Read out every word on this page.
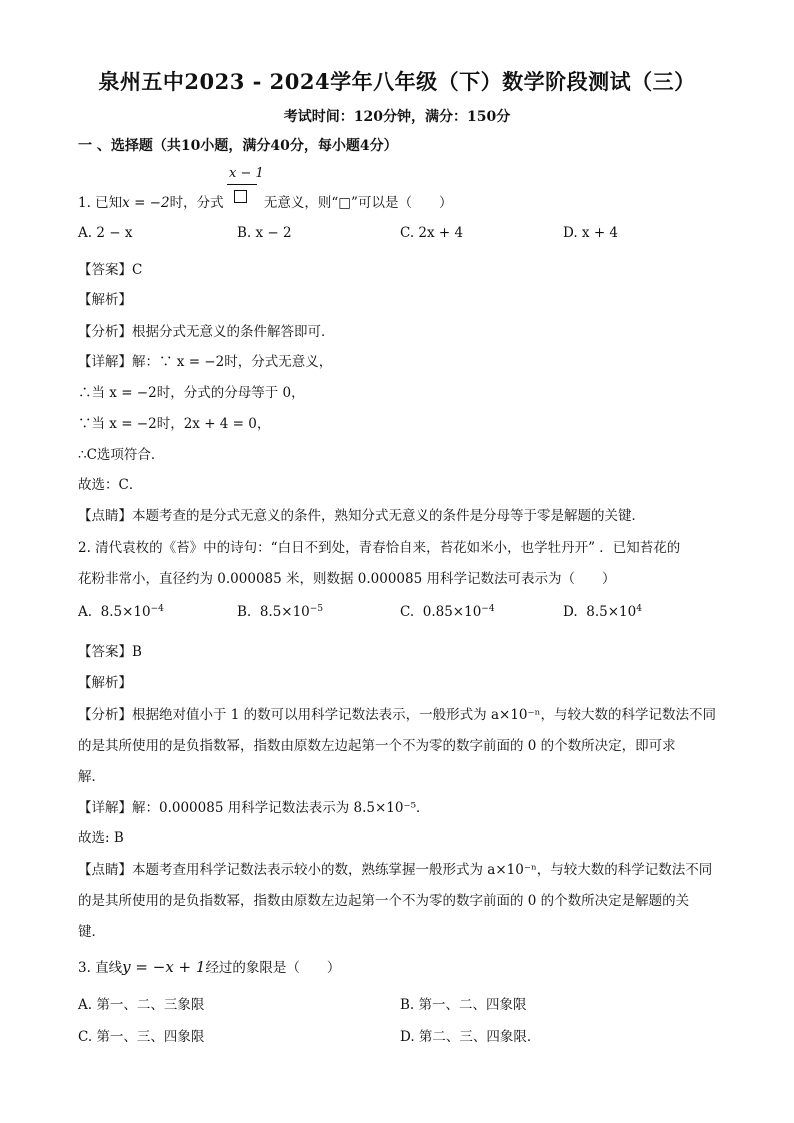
泉州五中2023 - 2024学年八年级（下）数学阶段测试（三）
考试时间：120分钟，满分：150分
一 、选择题（共10小题，满分40分，每小题4分）
x − 1
1. 已知x = −2时，分式	无意义，则“□”可以是（　　）
A. 2 − x	B. x − 2	C. 2x + 4	D. x + 4
【答案】C
【解析】
【分析】根据分式无意义的条件解答即可．
【详解】解：∵ x = −2时，分式无意义，
∴当 x = −2时，分式的分母等于 0，
∵当 x = −2时，2x + 4 = 0，
∴C选项符合．
故选：C．
【点睛】本题考查的是分式无意义的条件，熟知分式无意义的条件是分母等于零是解题的关键．
2. 清代袁枚的《苔》中的诗句：“白日不到处，青春恰自来，苔花如米小，也学牡丹开” ．已知苔花的
花粉非常小，直径约为 0.000085 米，则数据 0.000085 用科学记数法可表示为（　　）
A. $8.5\times 10^{-4}$	B. $8.5\times 10^{-5}$	C. $0.85\times 10^{-4}$	D. $8.5\times 10^4$
【答案】B
【解析】
【分析】根据绝对值小于 1 的数可以用科学记数法表示，一般形式为 a×10⁻ⁿ，与较大数的科学记数法不同
的是其所使用的是负指数幂，指数由原数左边起第一个不为零的数字前面的 0 的个数所决定，即可求
解．
【详解】解：0.000085 用科学记数法表示为 8.5×10⁻⁵．
故选: B
【点睛】本题考查用科学记数法表示较小的数，熟练掌握一般形式为 a×10⁻ⁿ，与较大数的科学记数法不同
的是其所使用的是负指数幂，指数由原数左边起第一个不为零的数字前面的 0 的个数所决定是解题的关
键．
3. 直线y = −x + 1经过的象限是（　　）
A. 第一、二、三象限	B. 第一、二、四象限
C. 第一、三、四象限	D. 第二、三、四象限．
